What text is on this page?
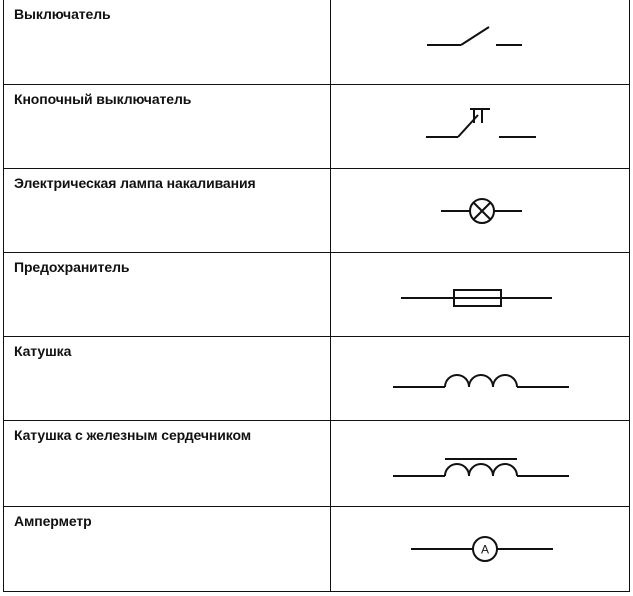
Выключатель
Кнопочный выключатель
Электрическая лампа накаливания
Предохранитель
Катушка
Катушка с железным сердечником
Амперметр
A
